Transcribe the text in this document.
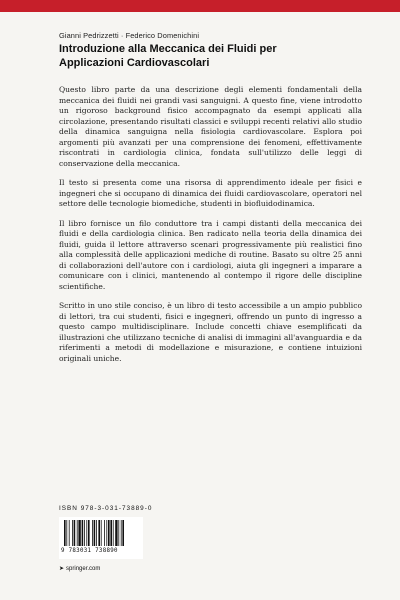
Gianni Pedrizzetti · Federico Domenichini
Introduzione alla Meccanica dei Fluidi per
Applicazioni Cardiovascolari

Questo libro parte da una descrizione degli elementi fondamentali della meccanica dei fluidi nei grandi vasi sanguigni. A questo fine, viene introdotto un rigoroso background fisico accompagnato da esempi applicati alla circolazione, presentando risultati classici e sviluppi recenti relativi allo studio della dinamica sanguigna nella fisiologia cardiovascolare. Esplora poi argomenti più avanzati per una comprensione dei fenomeni, effettivamente riscontrati in cardiologia clinica, fondata sull'utilizzo delle leggi di conservazione della meccanica.

Il testo si presenta come una risorsa di apprendimento ideale per fisici e ingegneri che si occupano di dinamica dei fluidi cardiovascolare, operatori nel settore delle tecnologie biomediche, studenti in biofluidodinamica.

Il libro fornisce un filo conduttore tra i campi distanti della meccanica dei fluidi e della cardiologia clinica. Ben radicato nella teoria della dinamica dei fluidi, guida il lettore attraverso scenari progressivamente più realistici fino alla complessità delle applicazioni mediche di routine. Basato su oltre 25 anni di collaborazioni dell'autore con i cardiologi, aiuta gli ingegneri a imparare a comunicare con i clinici, mantenendo al contempo il rigore delle discipline scientifiche.

Scritto in uno stile conciso, è un libro di testo accessibile a un ampio pubblico di lettori, tra cui studenti, fisici e ingegneri, offrendo un punto di ingresso a questo campo multidisciplinare. Include concetti chiave esemplificati da illustrazioni che utilizzano tecniche di analisi di immagini all'avanguardia e da riferimenti a metodi di modellazione e misurazione, e contiene intuizioni originali uniche.

ISBN 978-3-031-73889-0
9 783031 738890
➤ springer.com
